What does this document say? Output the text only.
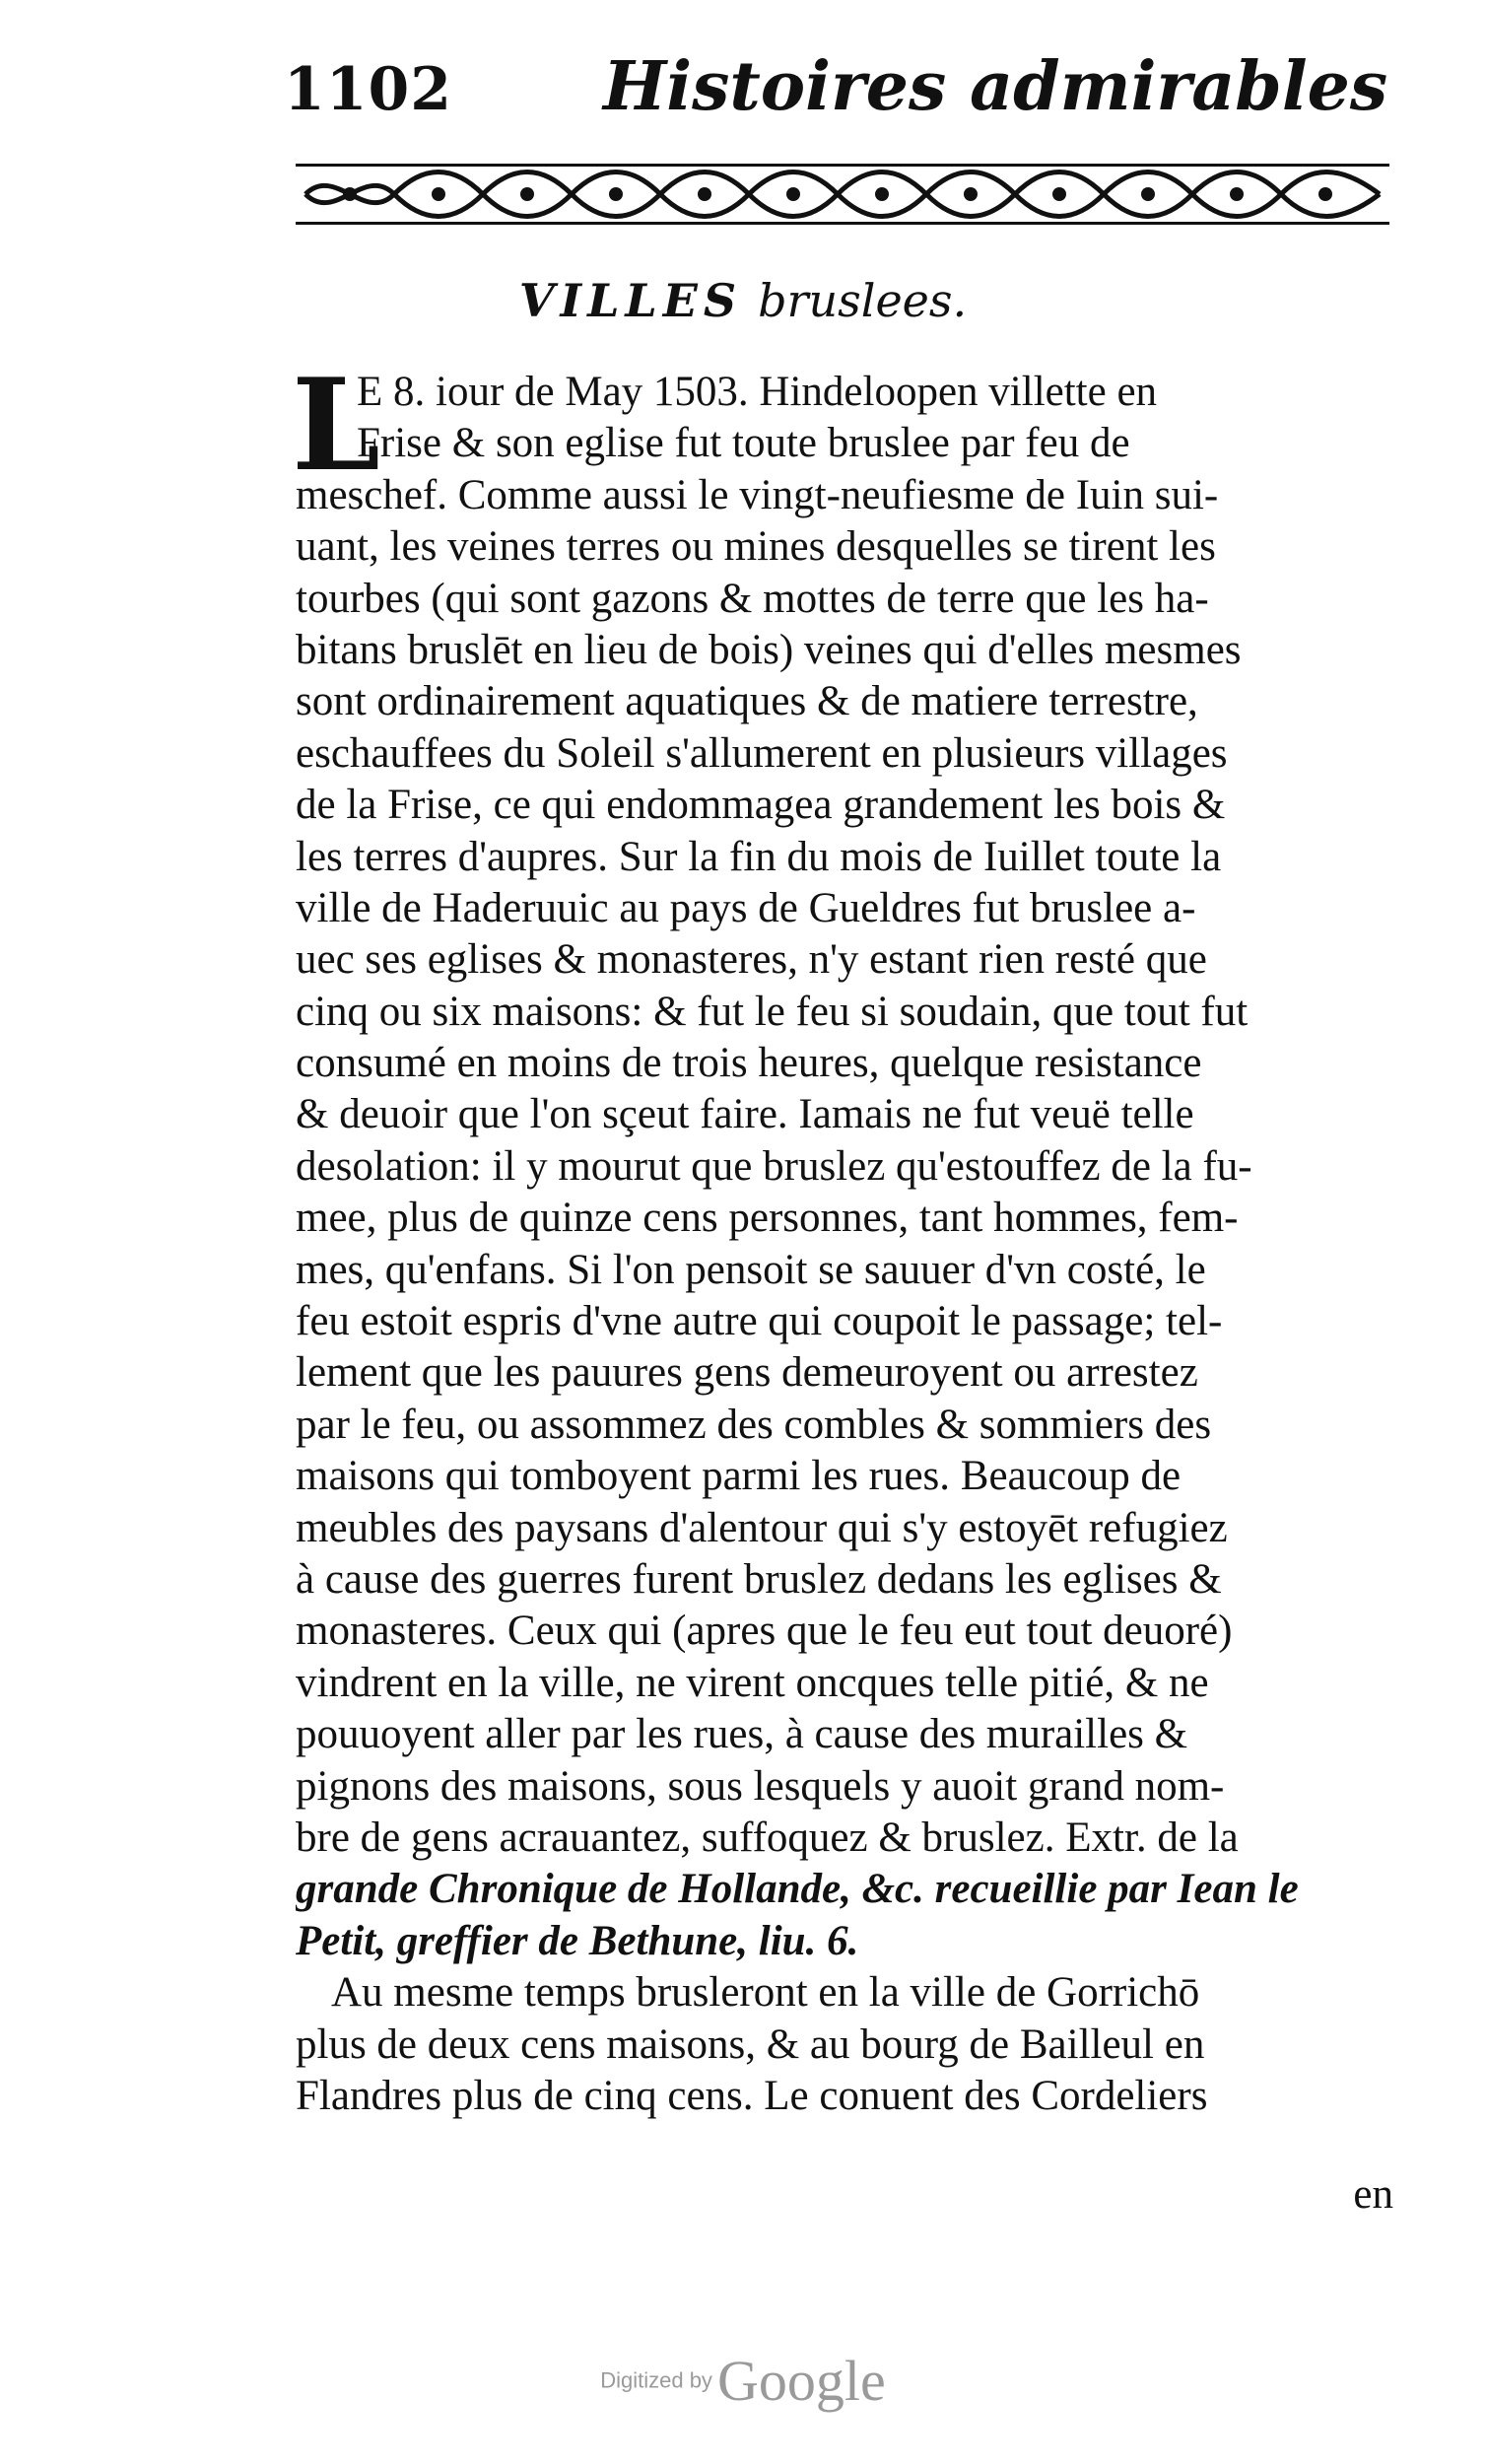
1102 Histoires admirables
VILLES bruslees.
L
E 8. iour de May 1503. Hindeloopen villette en
Frise & son eglise fut toute bruslee par feu de
meschef. Comme aussi le vingt-neufiesme de Iuin sui-
uant, les veines terres ou mines desquelles se tirent les
tourbes (qui sont gazons & mottes de terre que les ha-
bitans bruslēt en lieu de bois) veines qui d'elles mesmes
sont ordinairement aquatiques & de matiere terrestre,
eschauffees du Soleil s'allumerent en plusieurs villages
de la Frise, ce qui endommagea grandement les bois &
les terres d'aupres. Sur la fin du mois de Iuillet toute la
ville de Haderuuic au pays de Gueldres fut bruslee a-
uec ses eglises & monasteres, n'y estant rien resté que
cinq ou six maisons: & fut le feu si soudain, que tout fut
consumé en moins de trois heures, quelque resistance
& deuoir que l'on sçeut faire. Iamais ne fut veuë telle
desolation: il y mourut que bruslez qu'estouffez de la fu-
mee, plus de quinze cens personnes, tant hommes, fem-
mes, qu'enfans. Si l'on pensoit se sauuer d'vn costé, le
feu estoit espris d'vne autre qui coupoit le passage; tel-
lement que les pauures gens demeuroyent ou arrestez
par le feu, ou assommez des combles & sommiers des
maisons qui tomboyent parmi les rues. Beaucoup de
meubles des paysans d'alentour qui s'y estoyēt refugiez
à cause des guerres furent bruslez dedans les eglises &
monasteres. Ceux qui (apres que le feu eut tout deuoré)
vindrent en la ville, ne virent oncques telle pitié, & ne
pouuoyent aller par les rues, à cause des murailles &
pignons des maisons, sous lesquels y auoit grand nom-
bre de gens acrauantez, suffoquez & bruslez. Extr. de la
grande Chronique de Hollande, &c. recueillie par Iean le
Petit, greffier de Bethune, liu. 6.
Au mesme temps brusleront en la ville de Gorrichō
plus de deux cens maisons, & au bourg de Bailleul en
Flandres plus de cinq cens. Le conuent des Cordeliers
en
Digitized by Google
